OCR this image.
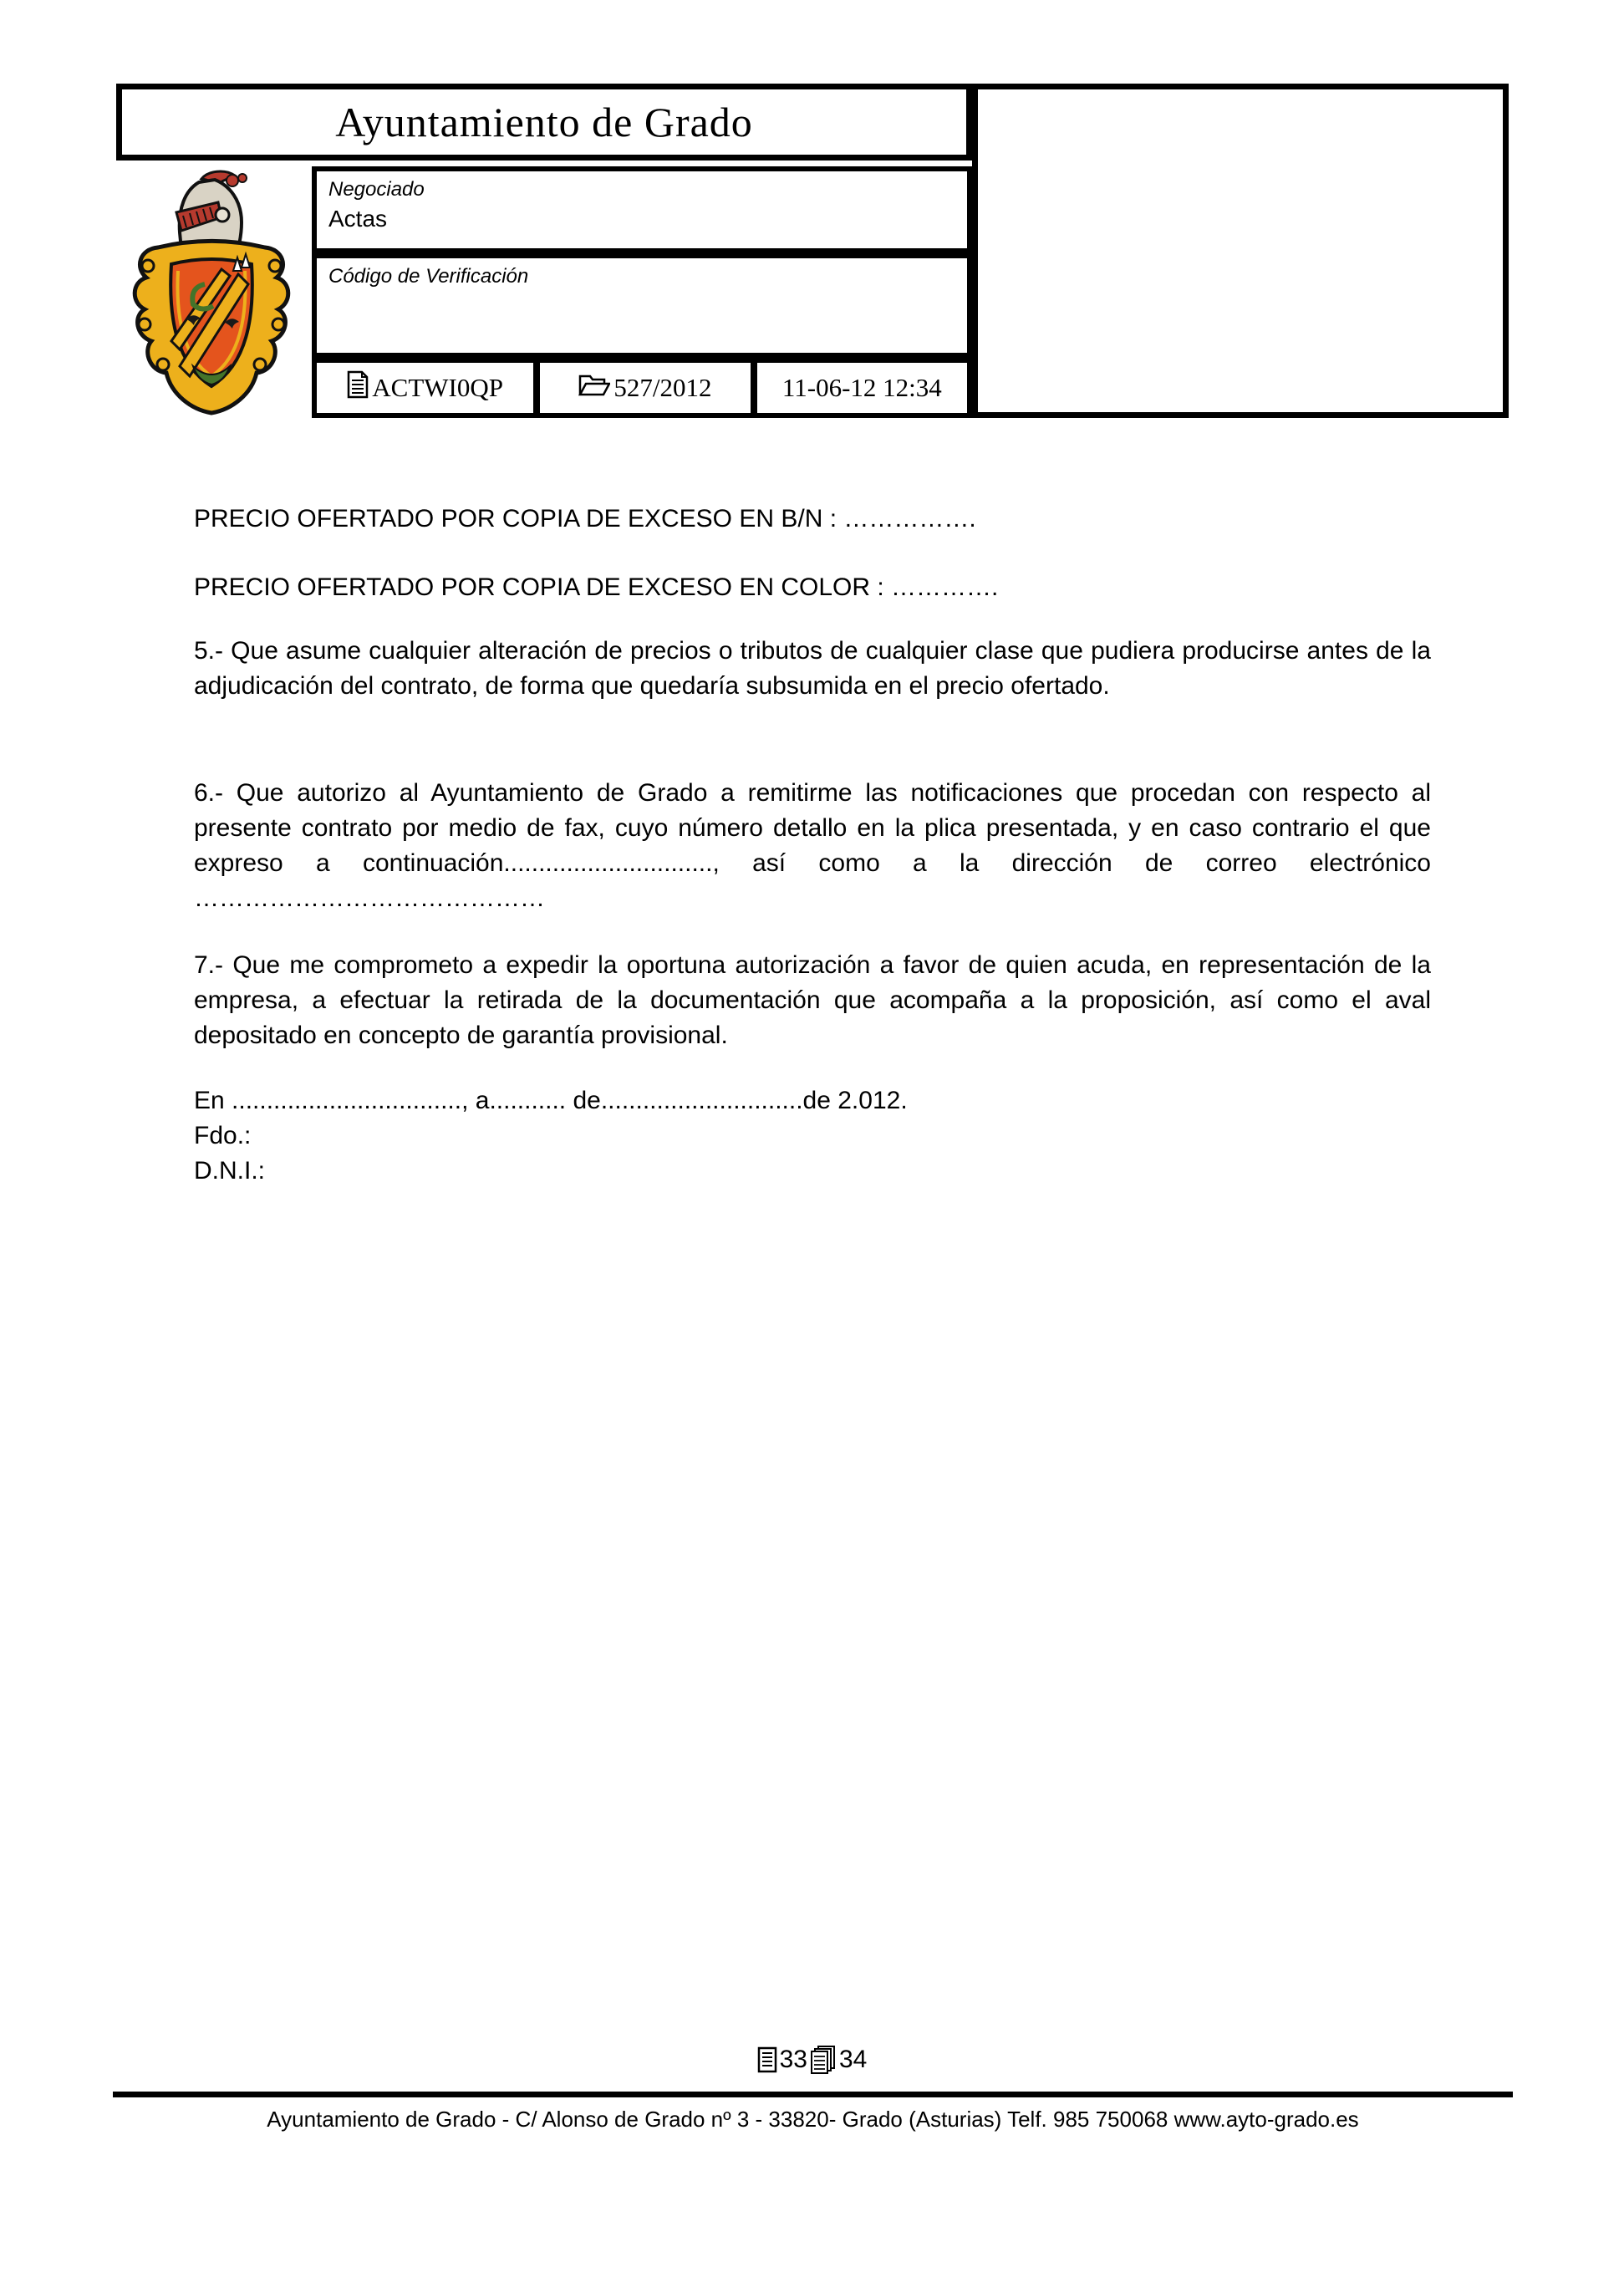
Ayuntamiento de Grado
Negociado
Actas
Código de Verificación
ACTWI0QP	527/2012	11-06-12 12:34
PRECIO OFERTADO POR COPIA DE EXCESO EN B/N : …………….
PRECIO OFERTADO POR COPIA DE EXCESO EN COLOR : ………….
5.- Que asume cualquier alteración de precios o tributos de cualquier clase que pudiera producirse antes de la adjudicación del contrato, de forma que quedaría subsumida en el precio ofertado.
6.- Que autorizo al Ayuntamiento de Grado a remitirme las notificaciones que procedan con respecto al presente contrato por medio de fax, cuyo número detallo en la plica presentada, y en caso contrario el que expreso a continuación.............................., así como a la dirección de correo electrónico ……………………………………
7.- Que me comprometo a expedir la oportuna autorización a favor de quien acuda, en representación de la empresa, a efectuar la retirada de la documentación que acompaña a la proposición, así como el aval depositado en concepto de garantía provisional.
En ................................., a........... de.............................de 2.012.
Fdo.:
D.N.I.:
33 34
Ayuntamiento de Grado - C/ Alonso de Grado nº 3 - 33820- Grado (Asturias) Telf. 985 750068 www.ayto-grado.es
